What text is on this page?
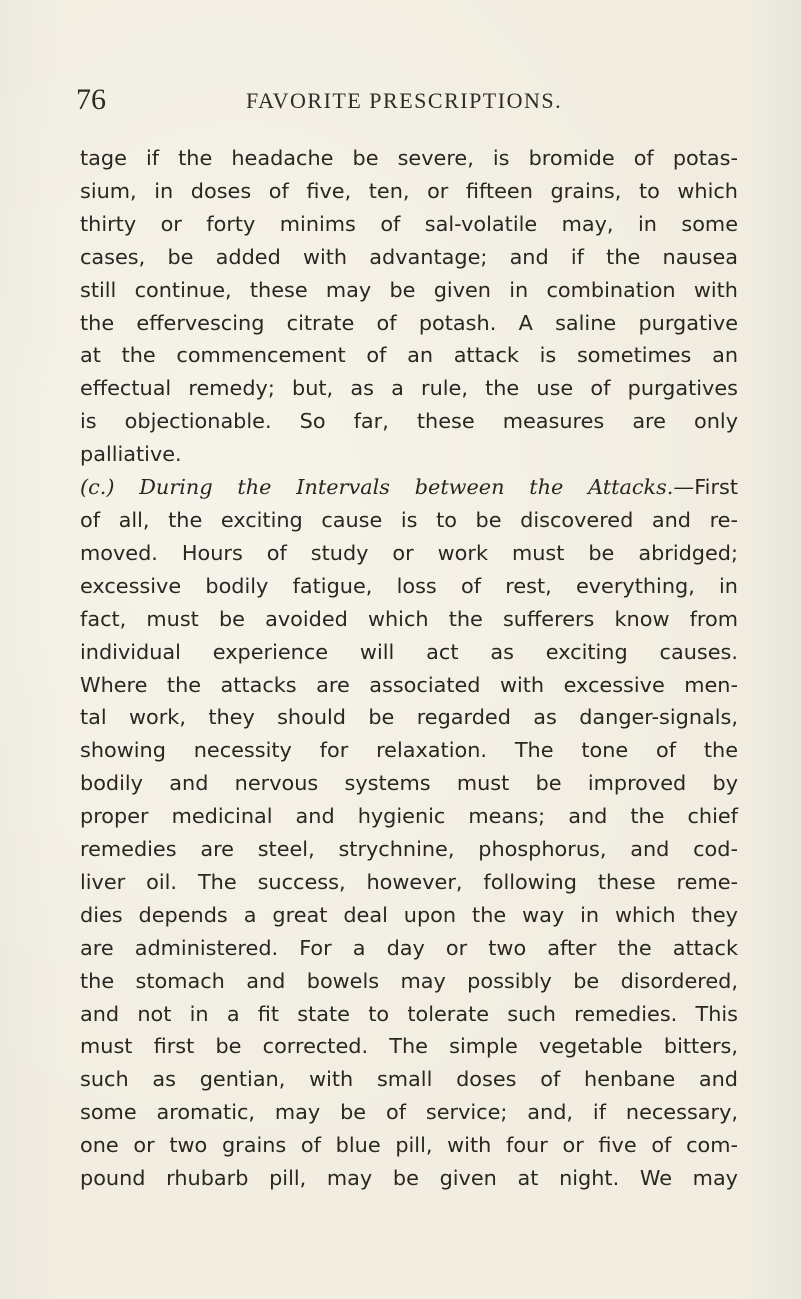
76	FAVORITE PRESCRIPTIONS.
tage if the headache be severe, is bromide of potas-
sium, in doses of five, ten, or fifteen grains, to which
thirty or forty minims of sal-volatile may, in some
cases, be added with advantage; and if the nausea
still continue, these may be given in combination with
the effervescing citrate of potash. A saline purgative
at the commencement of an attack is sometimes an
effectual remedy; but, as a rule, the use of purgatives
is objectionable. So far, these measures are only
palliative.
(c.) During the Intervals between the Attacks.—First
of all, the exciting cause is to be discovered and re-
moved. Hours of study or work must be abridged;
excessive bodily fatigue, loss of rest, everything, in
fact, must be avoided which the sufferers know from
individual experience will act as exciting causes.
Where the attacks are associated with excessive men-
tal work, they should be regarded as danger-signals,
showing necessity for relaxation. The tone of the
bodily and nervous systems must be improved by
proper medicinal and hygienic means; and the chief
remedies are steel, strychnine, phosphorus, and cod-
liver oil. The success, however, following these reme-
dies depends a great deal upon the way in which they
are administered. For a day or two after the attack
the stomach and bowels may possibly be disordered,
and not in a fit state to tolerate such remedies. This
must first be corrected. The simple vegetable bitters,
such as gentian, with small doses of henbane and
some aromatic, may be of service; and, if necessary,
one or two grains of blue pill, with four or five of com-
pound rhubarb pill, may be given at night. We may
